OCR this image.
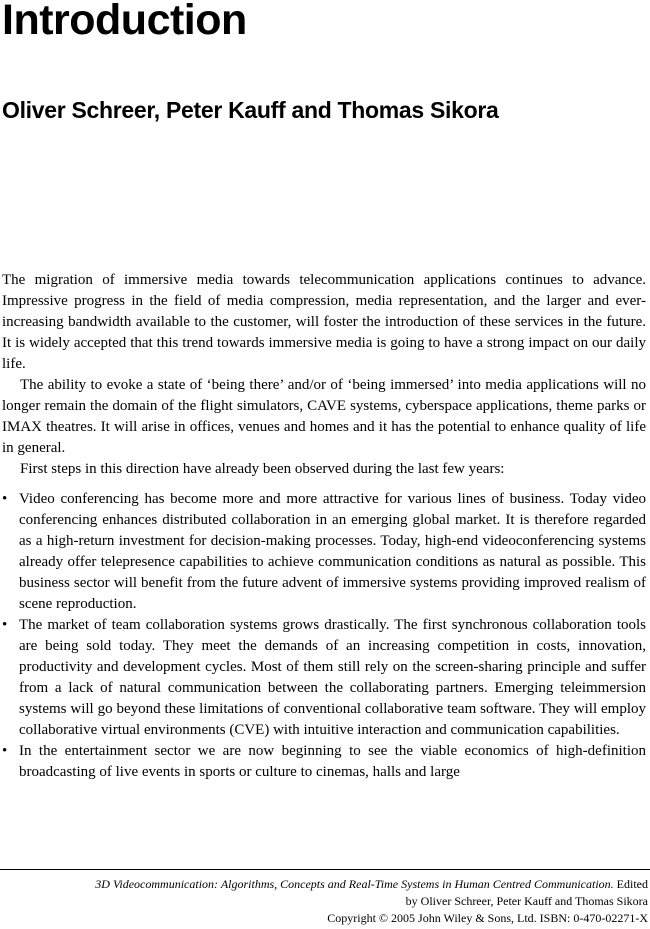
Introduction
Oliver Schreer, Peter Kauff and Thomas Sikora

The migration of immersive media towards telecommunication applications continues to advance. Impressive progress in the field of media compression, media representation, and the larger and ever-increasing bandwidth available to the customer, will foster the introduction of these services in the future. It is widely accepted that this trend towards immersive media is going to have a strong impact on our daily life.

The ability to evoke a state of ‘being there’ and/or of ‘being immersed’ into media applications will no longer remain the domain of the flight simulators, CAVE systems, cyberspace applications, theme parks or IMAX theatres. It will arise in offices, venues and homes and it has the potential to enhance quality of life in general.

First steps in this direction have already been observed during the last few years:

• Video conferencing has become more and more attractive for various lines of business. Today video conferencing enhances distributed collaboration in an emerging global market. It is therefore regarded as a high-return investment for decision-making processes. Today, high-end videoconferencing systems already offer telepresence capabilities to achieve communication conditions as natural as possible. This business sector will benefit from the future advent of immersive systems providing improved realism of scene reproduction.
• The market of team collaboration systems grows drastically. The first synchronous collaboration tools are being sold today. They meet the demands of an increasing competition in costs, innovation, productivity and development cycles. Most of them still rely on the screen-sharing principle and suffer from a lack of natural communication between the collaborating partners. Emerging teleimmersion systems will go beyond these limitations of conventional collaborative team software. They will employ collaborative virtual environments (CVE) with intuitive interaction and communication capabilities.
• In the entertainment sector we are now beginning to see the viable economics of high-definition broadcasting of live events in sports or culture to cinemas, halls and large
3D Videocommunication: Algorithms, Concepts and Real-Time Systems in Human Centred Communication. Edited by Oliver Schreer, Peter Kauff and Thomas Sikora
Copyright © 2005 John Wiley & Sons, Ltd. ISBN: 0-470-02271-X
